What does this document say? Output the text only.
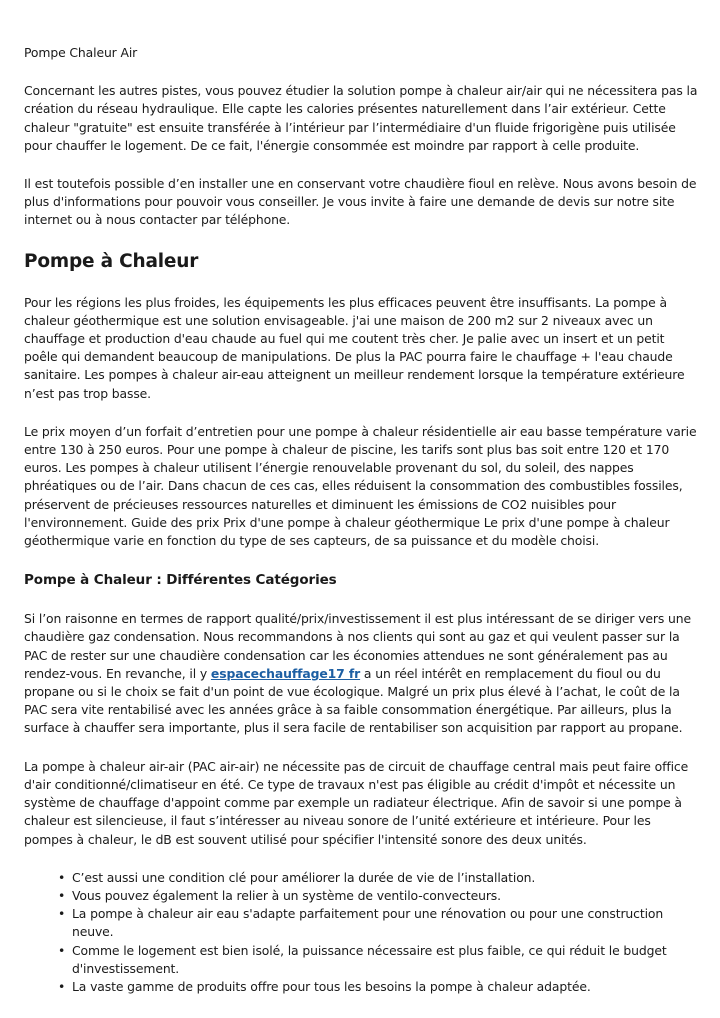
Pompe Chaleur Air

Concernant les autres pistes, vous pouvez étudier la solution pompe à chaleur air/air qui ne nécessitera pas la création du réseau hydraulique. Elle capte les calories présentes naturellement dans l’air extérieur. Cette chaleur "gratuite" est ensuite transférée à l’intérieur par l’intermédiaire d'un fluide frigorigène puis utilisée pour chauffer le logement. De ce fait, l'énergie consommée est moindre par rapport à celle produite.

Il est toutefois possible d’en installer une en conservant votre chaudière fioul en relève. Nous avons besoin de plus d'informations pour pouvoir vous conseiller. Je vous invite à faire une demande de devis sur notre site internet ou à nous contacter par téléphone.

Pompe à Chaleur

Pour les régions les plus froides, les équipements les plus efficaces peuvent être insuffisants. La pompe à chaleur géothermique est une solution envisageable. j'ai une maison de 200 m2 sur 2 niveaux avec un chauffage et production d'eau chaude au fuel qui me coutent très cher. Je palie avec un insert et un petit poêle qui demandent beaucoup de manipulations. De plus la PAC pourra faire le chauffage + l'eau chaude sanitaire. Les pompes à chaleur air-eau atteignent un meilleur rendement lorsque la température extérieure n’est pas trop basse.

Le prix moyen d’un forfait d’entretien pour une pompe à chaleur résidentielle air eau basse température varie entre 130 à 250 euros. Pour une pompe à chaleur de piscine, les tarifs sont plus bas soit entre 120 et 170 euros. Les pompes à chaleur utilisent l’énergie renouvelable provenant du sol, du soleil, des nappes phréatiques ou de l’air. Dans chacun de ces cas, elles réduisent la consommation des combustibles fossiles, préservent de précieuses ressources naturelles et diminuent les émissions de CO2 nuisibles pour l'environnement. Guide des prix Prix d'une pompe à chaleur géothermique Le prix d'une pompe à chaleur géothermique varie en fonction du type de ses capteurs, de sa puissance et du modèle choisi.

Pompe à Chaleur : Différentes Catégories

Si l’on raisonne en termes de rapport qualité/prix/investissement il est plus intéressant de se diriger vers une chaudière gaz condensation. Nous recommandons à nos clients qui sont au gaz et qui veulent passer sur la PAC de rester sur une chaudière condensation car les économies attendues ne sont généralement pas au rendez-vous. En revanche, il y espacechauffage17 fr a un réel intérêt en remplacement du fioul ou du propane ou si le choix se fait d'un point de vue écologique. Malgré un prix plus élevé à l’achat, le coût de la PAC sera vite rentabilisé avec les années grâce à sa faible consommation énergétique. Par ailleurs, plus la surface à chauffer sera importante, plus il sera facile de rentabiliser son acquisition par rapport au propane.

La pompe à chaleur air-air (PAC air-air) ne nécessite pas de circuit de chauffage central mais peut faire office d'air conditionné/climatiseur en été. Ce type de travaux n'est pas éligible au crédit d'impôt et nécessite un système de chauffage d'appoint comme par exemple un radiateur électrique. Afin de savoir si une pompe à chaleur est silencieuse, il faut s’intéresser au niveau sonore de l’unité extérieure et intérieure. Pour les pompes à chaleur, le dB est souvent utilisé pour spécifier l'intensité sonore des deux unités.

• C’est aussi une condition clé pour améliorer la durée de vie de l’installation.
• Vous pouvez également la relier à un système de ventilo-convecteurs.
• La pompe à chaleur air eau s'adapte parfaitement pour une rénovation ou pour une construction neuve.
• Comme le logement est bien isolé, la puissance nécessaire est plus faible, ce qui réduit le budget d'investissement.
• La vaste gamme de produits offre pour tous les besoins la pompe à chaleur adaptée.
